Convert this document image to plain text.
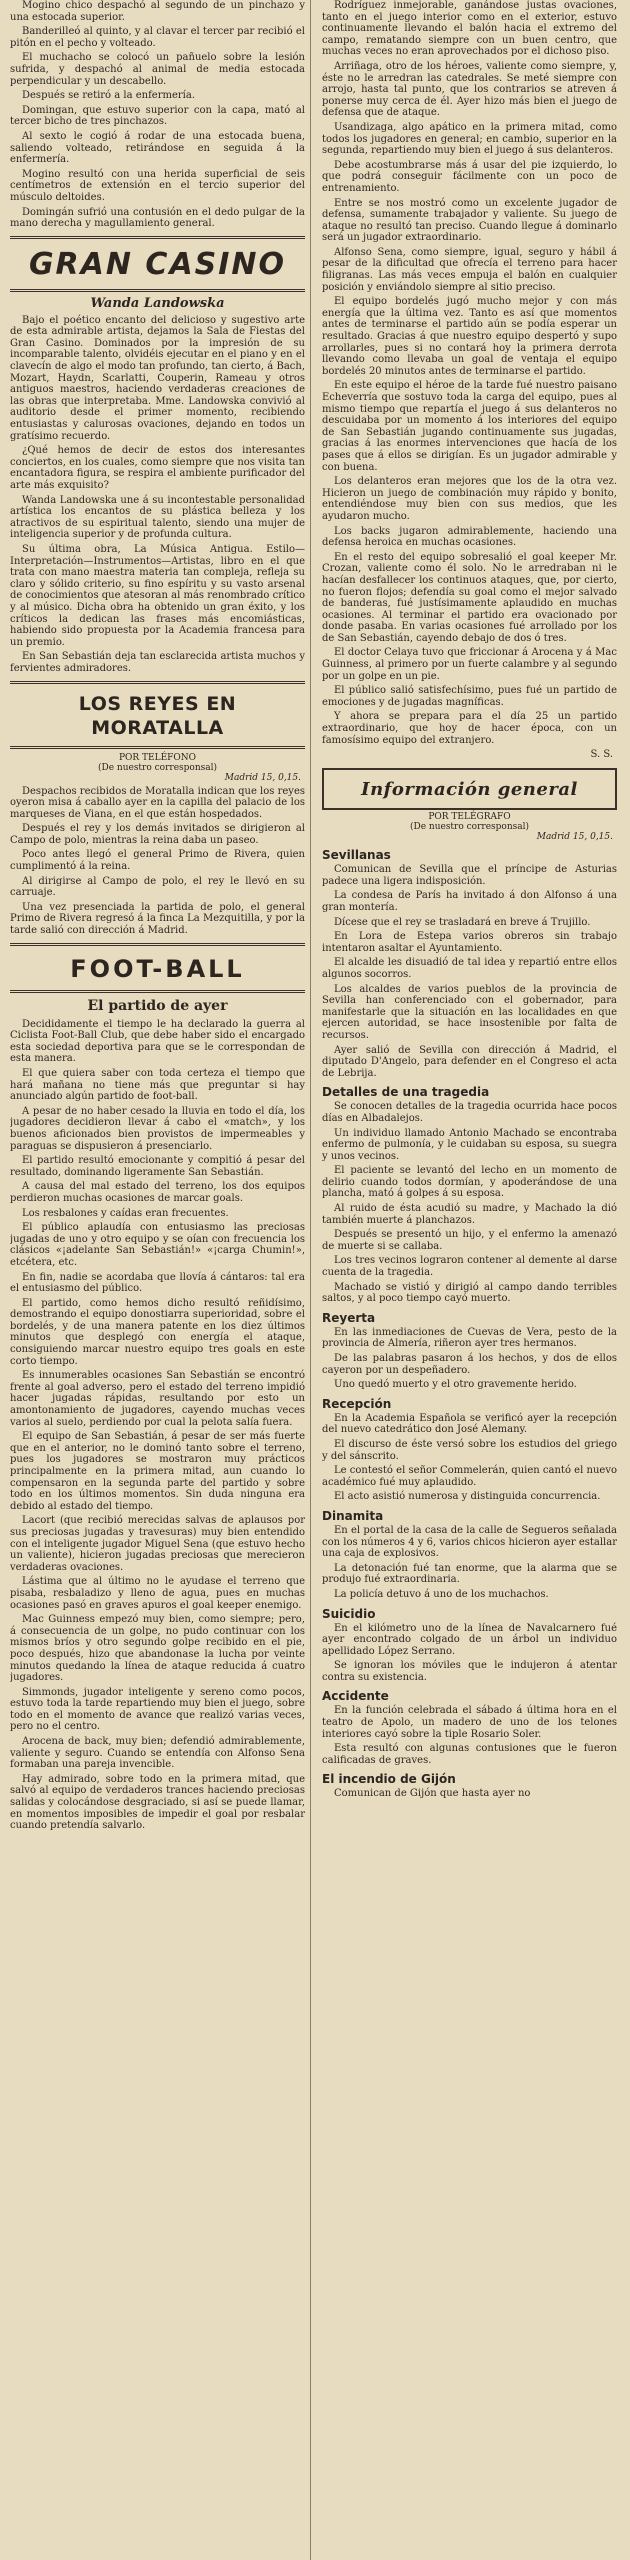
Mogino chico despachó al segundo de un pinchazo y una estocada superior.

Banderilleó al quinto, y al clavar el tercer par recibió el pitón en el pecho y volteado.

El muchacho se colocó un pañuelo sobre la lesión sufrida, y despachó al animal de media estocada perpendicular y un descabello.

Después se retiró a la enfermería.

Domingan, que estuvo superior con la capa, mató al tercer bicho de tres pinchazos.

Al sexto le cogió á rodar de una estocada buena, saliendo volteado, retirándose en seguida á la enfermería.

Mogino resultó con una herida superficial de seis centímetros de extensión en el tercio superior del músculo deltoides.

Domingán sufrió una contusión en el dedo pulgar de la mano derecha y magullamiento general.

GRAN CASINO
Wanda Landowska

Bajo el poético encanto del delicioso y sugestivo arte de esta admirable artista, dejamos la Sala de Fiestas del Gran Casino. Dominados por la impresión de su incomparable talento, olvidéis ejecutar en el piano y en el clavecín de algo el modo tan profundo, tan cierto, á Bach, Mozart, Haydn, Scarlatti, Couperin, Rameau y otros antiguos maestros, haciendo verdaderas creaciones de las obras que interpretaba. Mme. Landowska convivió al auditorio desde el primer momento, recibiendo entusiastas y calurosas ovaciones, dejando en todos un gratísimo recuerdo.

¿Qué hemos de decir de estos dos interesantes conciertos, en los cuales, como siempre que nos visita tan encantadora figura, se respira el ambiente purificador del arte más exquisito?

Wanda Landowska une á su incontestable personalidad artística los encantos de su plástica belleza y los atractivos de su espiritual talento, siendo una mujer de inteligencia superior y de profunda cultura.

Su última obra, La Música Antigua. Estilo—Interpretación—Instrumentos—Artistas, libro en el que trata con mano maestra materia tan compleja, refleja su claro y sólido criterio, su fino espíritu y su vasto arsenal de conocimientos que atesoran al más renombrado crítico y al músico. Dicha obra ha obtenido un gran éxito, y los críticos la dedican las frases más encomiásticas, habiendo sido propuesta por la Academia francesa para un premio.

En San Sebastián deja tan esclarecida artista muchos y fervientes admiradores.

LOS REYES EN MORATALLA
POR TELÉFONO
(De nuestro corresponsal)
Madrid 15, 0,15.

Despachos recibidos de Moratalla indican que los reyes oyeron misa á caballo ayer en la capilla del palacio de los marqueses de Viana, en el que están hospedados.

Después el rey y los demás invitados se dirigieron al Campo de polo, mientras la reina daba un paseo.

Poco antes llegó el general Primo de Rivera, quien cumplimentó á la reina.

Al dirigirse al Campo de polo, el rey le llevó en su carruaje.

Una vez presenciada la partida de polo, el general Primo de Rivera regresó á la finca La Mezquitilla, y por la tarde salió con dirección á Madrid.

FOOT-BALL
El partido de ayer

Decididamente el tiempo le ha declarado la guerra al Ciclista Foot-Ball Club, que debe haber sido el encargado esta sociedad deportiva para que se le correspondan de esta manera.

El que quiera saber con toda certeza el tiempo que hará mañana no tiene más que preguntar si hay anunciado algún partido de foot-ball.

A pesar de no haber cesado la lluvia en todo el día, los jugadores decidieron llevar á cabo el «match», y los buenos aficionados bien provistos de impermeables y paraguas se dispusieron á presenciarlo.

El partido resultó emocionante y compitió á pesar del resultado, dominando ligeramente San Sebastián.

A causa del mal estado del terreno, los dos equipos perdieron muchas ocasiones de marcar goals.

Los resbalones y caídas eran frecuentes.

El público aplaudía con entusiasmo las preciosas jugadas de uno y otro equipo y se oían con frecuencia los clásicos «¡adelante San Sebastián!» «¡carga Chumin!», etcétera, etc.

En fin, nadie se acordaba que llovía á cántaros: tal era el entusiasmo del público.

El partido, como hemos dicho resultó reñidísimo, demostrando el equipo donostiarra superioridad, sobre el bordelés, y de una manera patente en los diez últimos minutos que desplegó con energía el ataque, consiguiendo marcar nuestro equipo tres goals en este corto tiempo.

Es innumerables ocasiones San Sebastián se encontró frente al goal adverso, pero el estado del terreno impidió hacer jugadas rápidas, resultando por esto un amontonamiento de jugadores, cayendo muchas veces varios al suelo, perdiendo por cual la pelota salía fuera.

El equipo de San Sebastián, á pesar de ser más fuerte que en el anterior, no le dominó tanto sobre el terreno, pues los jugadores se mostraron muy prácticos principalmente en la primera mitad, aun cuando lo compensaron en la segunda parte del partido y sobre todo en los últimos momentos. Sin duda ninguna era debido al estado del tiempo.

Lacort (que recibió merecidas salvas de aplausos por sus preciosas jugadas y travesuras) muy bien entendido con el inteligente jugador Miguel Sena (que estuvo hecho un valiente), hicieron jugadas preciosas que merecieron verdaderas ovaciones.

Lástima que al último no le ayudase el terreno que pisaba, resbaladizo y lleno de agua, pues en muchas ocasiones pasó en graves apuros el goal keeper enemigo.

Mac Guinness empezó muy bien, como siempre; pero, á consecuencia de un golpe, no pudo continuar con los mismos bríos y otro segundo golpe recibido en el pie, poco después, hizo que abandonase la lucha por veinte minutos quedando la línea de ataque reducida á cuatro jugadores.

Simmonds, jugador inteligente y sereno como pocos, estuvo toda la tarde repartiendo muy bien el juego, sobre todo en el momento de avance que realizó varias veces, pero no el centro.

Arocena de back, muy bien; defendió admirablemente, valiente y seguro. Cuando se entendía con Alfonso Sena formaban una pareja invencible.

Hay admirado, sobre todo en la primera mitad, que salvó al equipo de verdaderos trances haciendo preciosas salidas y colocándose desgraciado, si así se puede llamar, en momentos imposibles de impedir el goal por resbalar cuando pretendía salvarlo.

Rodríguez inmejorable, ganándose justas ovaciones, tanto en el juego interior como en el exterior, estuvo continuamente llevando el balón hacia el extremo del campo, rematando siempre con un buen centro, que muchas veces no eran aprovechados por el dichoso piso.

Arriñaga, otro de los héroes, valiente como siempre, y, éste no le arredran las catedrales. Se meté siempre con arrojo, hasta tal punto, que los contrarios se atreven á ponerse muy cerca de él. Ayer hizo más bien el juego de defensa que de ataque.

Usandizaga, algo apático en la primera mitad, como todos los jugadores en general; en cambio, superior en la segunda, repartiendo muy bien el juego á sus delanteros.

Debe acostumbrarse más á usar del pie izquierdo, lo que podrá conseguir fácilmente con un poco de entrenamiento.

Entre se nos mostró como un excelente jugador de defensa, sumamente trabajador y valiente. Su juego de ataque no resultó tan preciso. Cuando llegue á dominarlo será un jugador extraordinario.

Alfonso Sena, como siempre, igual, seguro y hábil á pesar de la dificultad que ofrecía el terreno para hacer filigranas. Las más veces empuja el balón en cualquier posición y enviándolo siempre al sitio preciso.

El equipo bordelés jugó mucho mejor y con más energía que la última vez. Tanto es así que momentos antes de terminarse el partido aún se podía esperar un resultado. Gracias á que nuestro equipo despertó y supo arrollarles, pues si no contará hoy la primera derrota llevando como llevaba un goal de ventaja el equipo bordelés 20 minutos antes de terminarse el partido.

En este equipo el héroe de la tarde fué nuestro paisano Echeverría que sostuvo toda la carga del equipo, pues al mismo tiempo que repartía el juego á sus delanteros no descuidaba por un momento á los interiores del equipo de San Sebastián jugando continuamente sus jugadas, gracias á las enormes intervenciones que hacía de los pases que á ellos se dirigían. Es un jugador admirable y con buena.

Los delanteros eran mejores que los de la otra vez. Hicieron un juego de combinación muy rápido y bonito, entendiéndose muy bien con sus medios, que les ayudaron mucho.

Los backs jugaron admirablemente, haciendo una defensa heroica en muchas ocasiones.

En el resto del equipo sobresalió el goal keeper Mr. Crozan, valiente como él solo. No le arredraban ni le hacían desfallecer los continuos ataques, que, por cierto, no fueron flojos; defendía su goal como el mejor salvado de banderas, fué justísimamente aplaudido en muchas ocasiones. Al terminar el partido era ovacionado por donde pasaba. En varias ocasiones fué arrollado por los de San Sebastián, cayendo debajo de dos ó tres.

El doctor Celaya tuvo que friccionar á Arocena y á Mac Guinness, al primero por un fuerte calambre y al segundo por un golpe en un pie.

El público salió satisfechísimo, pues fué un partido de emociones y de jugadas magníficas.

Y ahora se prepara para el día 25 un partido extraordinario, que hoy de hacer época, con un famosísimo equipo del extranjero.

S. S.
Información general
POR TELÉGRAFO
(De nuestro corresponsal)
Madrid 15, 0,15.
Sevillanas

Comunican de Sevilla que el príncipe de Asturias padece una ligera indisposición.

La condesa de París ha invitado á don Alfonso á una gran montería.

Dícese que el rey se trasladará en breve á Trujillo.

En Lora de Estepa varios obreros sin trabajo intentaron asaltar el Ayuntamiento.

El alcalde les disuadió de tal idea y repartió entre ellos algunos socorros.

Los alcaldes de varios pueblos de la provincia de Sevilla han conferenciado con el gobernador, para manifestarle que la situación en las localidades en que ejercen autoridad, se hace insostenible por falta de recursos.

Ayer salió de Sevilla con dirección á Madrid, el diputado D'Angelo, para defender en el Congreso el acta de Lebrija.

Detalles de una tragedia

Se conocen detalles de la tragedia ocurrida hace pocos días en Albadalejos.

Un individuo llamado Antonio Machado se encontraba enfermo de pulmonía, y le cuidaban su esposa, su suegra y unos vecinos.

El paciente se levantó del lecho en un momento de delirio cuando todos dormían, y apoderándose de una plancha, mató á golpes á su esposa.

Al ruido de ésta acudió su madre, y Machado la dió también muerte á planchazos.

Después se presentó un hijo, y el enfermo la amenazó de muerte si se callaba.

Los tres vecinos lograron contener al demente al darse cuenta de la tragedia.

Machado se vistió y dirigió al campo dando terribles saltos, y al poco tiempo cayó muerto.

Reyerta

En las inmediaciones de Cuevas de Vera, pesto de la provincia de Almería, riñeron ayer tres hermanos.

De las palabras pasaron á los hechos, y dos de ellos cayeron por un despeñadero.

Uno quedó muerto y el otro gravemente herido.

Recepción

En la Academia Española se verificó ayer la recepción del nuevo catedrático don José Alemany.

El discurso de éste versó sobre los estudios del griego y del sánscrito.

Le contestó el señor Commelerán, quien cantó el nuevo académico fué muy aplaudido.

El acto asistió numerosa y distinguida concurrencia.

Dinamita

En el portal de la casa de la calle de Segueros señalada con los números 4 y 6, varios chicos hicieron ayer estallar una caja de explosivos.

La detonación fué tan enorme, que la alarma que se produjo fué extraordinaria.

La policía detuvo á uno de los muchachos.

Suicidio

En el kilómetro uno de la línea de Navalcarnero fué ayer encontrado colgado de un árbol un individuo apellidado López Serrano.

Se ignoran los móviles que le indujeron á atentar contra su existencia.

Accidente

En la función celebrada el sábado á última hora en el teatro de Apolo, un madero de uno de los telones interiores cayó sobre la tiple Rosario Soler.

Esta resultó con algunas contusiones que le fueron calificadas de graves.

El incendio de Gijón

Comunican de Gijón que hasta ayer no
